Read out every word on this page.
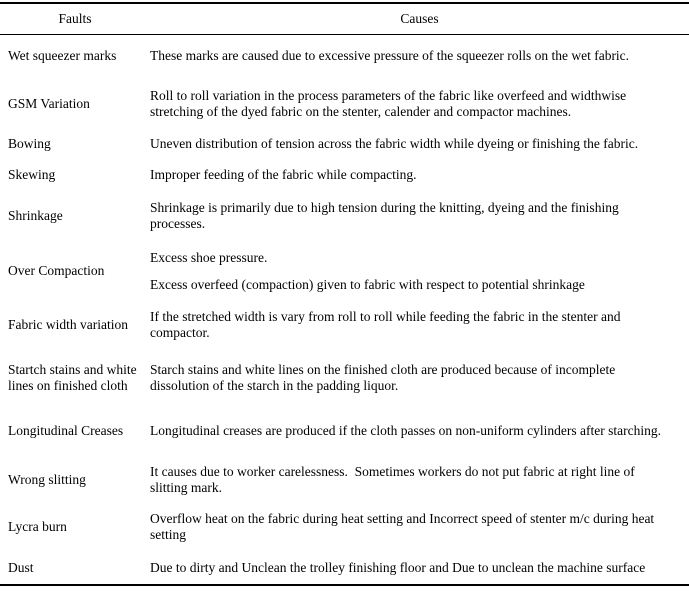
Faults	Causes
Wet squeezer marks	These marks are caused due to excessive pressure of the squeezer rolls on the wet fabric.

GSM Variation	Roll to roll variation in the process parameters of the fabric like overfeed and widthwise stretching of the dyed fabric on the stenter, calender and compactor machines.

Bowing	Uneven distribution of tension across the fabric width while dyeing or finishing the fabric.

Skewing	Improper feeding of the fabric while compacting.

Shrinkage	Shrinkage is primarily due to high tension during the knitting, dyeing and the finishing processes.

Over Compaction	Excess shoe pressure.

Excess overfeed (compaction) given to fabric with respect to potential shrinkage

Fabric width variation	If the stretched width is vary from roll to roll while feeding the fabric in the stenter and compactor.

Startch stains and white lines on finished cloth	Starch stains and white lines on the finished cloth are produced because of incomplete dissolution of the starch in the padding liquor.

Longitudinal Creases	Longitudinal creases are produced if the cloth passes on non-uniform cylinders after starching.

Wrong slitting	It causes due to worker carelessness.  Sometimes workers do not put fabric at right line of slitting mark.

Lycra burn	Overflow heat on the fabric during heat setting and Incorrect speed of stenter m/c during heat setting

Dust	Due to dirty and Unclean the trolley finishing floor and Due to unclean the machine surface
